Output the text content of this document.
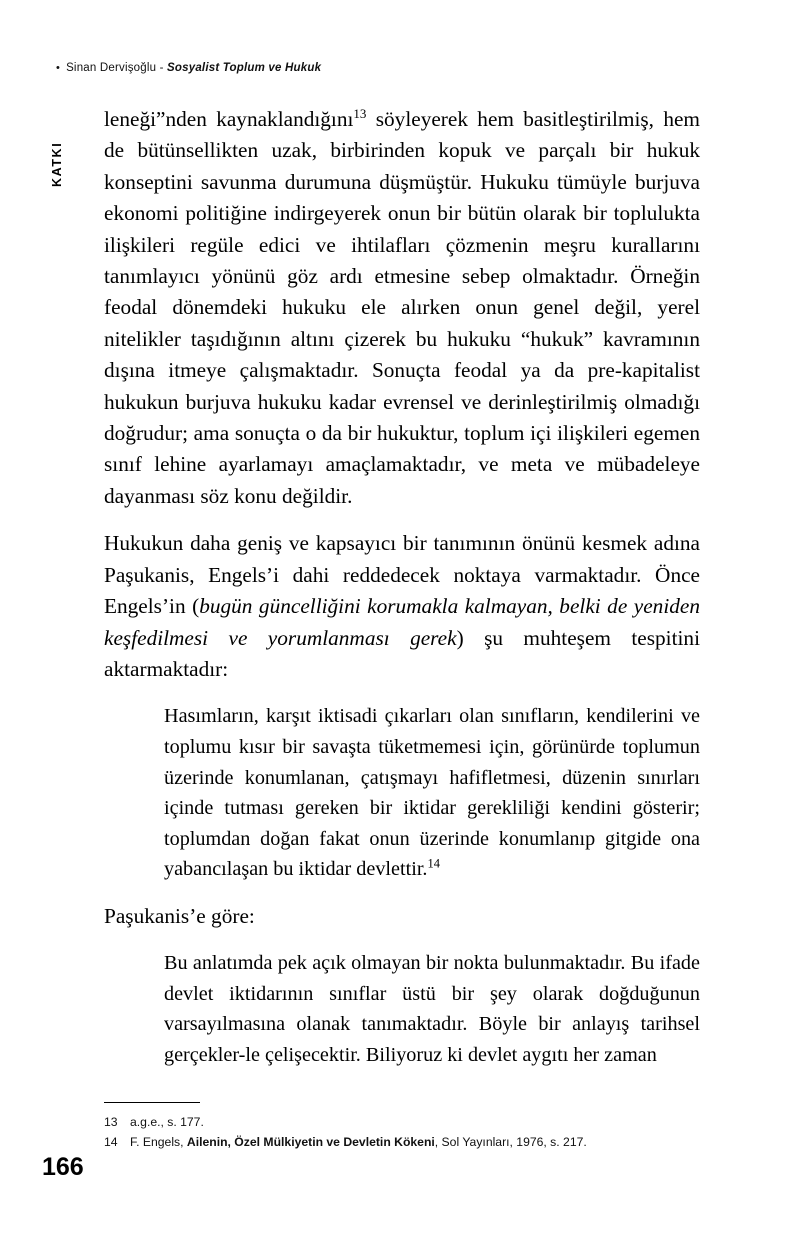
• Sinan Dervişoğlu - Sosyalist Toplum ve Hukuk
KATKI

leneği”nden kaynaklandığını$^{13}$ söyleyerek hem basitleştirilmiş, hem de bütünsellikten uzak, birbirinden kopuk ve parçalı bir hukuk konseptini savunma durumuna düşmüştür. Hukuku tümüyle burjuva ekonomi politiğine indirgeyerek onun bir bütün olarak bir toplulukta ilişkileri regüle edici ve ihtilafları çözmenin meşru kurallarını tanımlayıcı yönünü göz ardı etmesine sebep olmaktadır. Örneğin feodal dönemdeki hukuku ele alırken onun genel değil, yerel nitelikler taşıdığının altını çizerek bu hukuku “hukuk” kavramının dışına itmeye çalışmaktadır. Sonuçta feodal ya da pre-kapitalist hukukun burjuva hukuku kadar evrensel ve derinleştirilmiş olmadığı doğrudur; ama sonuçta o da bir hukuktur, toplum içi ilişkileri egemen sınıf lehine ayarlamayı amaçlamaktadır, ve meta ve mübadeleye dayanması söz konu değildir.

Hukukun daha geniş ve kapsayıcı bir tanımının önünü kesmek adına Paşukanis, Engels’i dahi reddedecek noktaya varmaktadır. Önce Engels’in (bugün güncelliğini korumakla kalmayan, belki de yeniden keşfedilmesi ve yorumlanması gerek) şu muhteşem tespitini aktarmaktadır:

Hasımların, karşıt iktisadi çıkarları olan sınıfların, kendilerini ve toplumu kısır bir savaşta tüketmemesi için, görünürde toplumun üzerinde konumlanan, çatışmayı hafifletmesi, düzenin sınırları içinde tutması gereken bir iktidar gerekliliği kendini gösterir; toplumdan doğan fakat onun üzerinde konumlanıp gitgide ona yabancılaşan bu iktidar devlettir.$^{14}$

Paşukanis’e göre:

Bu anlatımda pek açık olmayan bir nokta bulunmaktadır. Bu ifade devlet iktidarının sınıflar üstü bir şey olarak doğduğunun varsayılmasına olanak tanımaktadır. Böyle bir anlayış tarihsel gerçekler-le çelişecektir. Biliyoruz ki devlet aygıtı her zaman
13	a.g.e., s. 177.
14	F. Engels, Ailenin, Özel Mülkiyetin ve Devletin Kökeni, Sol Yayınları, 1976, s. 217.
166
